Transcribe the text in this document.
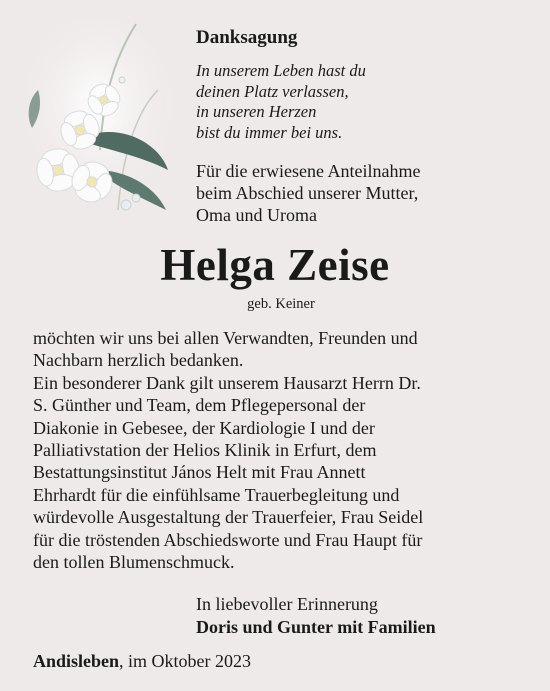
Danksagung
In unserem Leben hast du
deinen Platz verlassen,
in unseren Herzen
bist du immer bei uns.
Für die erwiesene Anteilnahme
beim Abschied unserer Mutter,
Oma und Uroma
Helga Zeise
geb. Keiner
möchten wir uns bei allen Verwandten, Freunden und
Nachbarn herzlich bedanken.
Ein besonderer Dank gilt unserem Hausarzt Herrn Dr.
S. Günther und Team, dem Pflegepersonal der
Diakonie in Gebesee, der Kardiologie I und der
Palliativstation der Helios Klinik in Erfurt, dem
Bestattungsinstitut János Helt mit Frau Annett
Ehrhardt für die einfühlsame Trauerbegleitung und
würdevolle Ausgestaltung der Trauerfeier, Frau Seidel
für die tröstenden Abschiedsworte und Frau Haupt für
den tollen Blumenschmuck.
In liebevoller Erinnerung
Doris und Gunter mit Familien
Andisleben, im Oktober 2023
